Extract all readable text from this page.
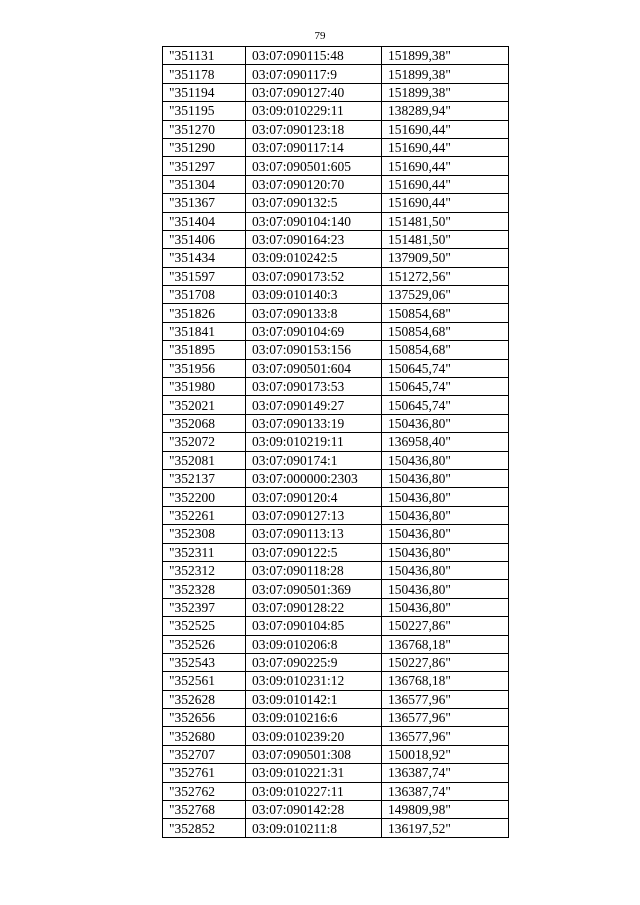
79
"351131	03:07:090115:48	151899,38"
"351178	03:07:090117:9	151899,38"
"351194	03:07:090127:40	151899,38"
"351195	03:09:010229:11	138289,94"
"351270	03:07:090123:18	151690,44"
"351290	03:07:090117:14	151690,44"
"351297	03:07:090501:605	151690,44"
"351304	03:07:090120:70	151690,44"
"351367	03:07:090132:5	151690,44"
"351404	03:07:090104:140	151481,50"
"351406	03:07:090164:23	151481,50"
"351434	03:09:010242:5	137909,50"
"351597	03:07:090173:52	151272,56"
"351708	03:09:010140:3	137529,06"
"351826	03:07:090133:8	150854,68"
"351841	03:07:090104:69	150854,68"
"351895	03:07:090153:156	150854,68"
"351956	03:07:090501:604	150645,74"
"351980	03:07:090173:53	150645,74"
"352021	03:07:090149:27	150645,74"
"352068	03:07:090133:19	150436,80"
"352072	03:09:010219:11	136958,40"
"352081	03:07:090174:1	150436,80"
"352137	03:07:000000:2303	150436,80"
"352200	03:07:090120:4	150436,80"
"352261	03:07:090127:13	150436,80"
"352308	03:07:090113:13	150436,80"
"352311	03:07:090122:5	150436,80"
"352312	03:07:090118:28	150436,80"
"352328	03:07:090501:369	150436,80"
"352397	03:07:090128:22	150436,80"
"352525	03:07:090104:85	150227,86"
"352526	03:09:010206:8	136768,18"
"352543	03:07:090225:9	150227,86"
"352561	03:09:010231:12	136768,18"
"352628	03:09:010142:1	136577,96"
"352656	03:09:010216:6	136577,96"
"352680	03:09:010239:20	136577,96"
"352707	03:07:090501:308	150018,92"
"352761	03:09:010221:31	136387,74"
"352762	03:09:010227:11	136387,74"
"352768	03:07:090142:28	149809,98"
"352852	03:09:010211:8	136197,52"
